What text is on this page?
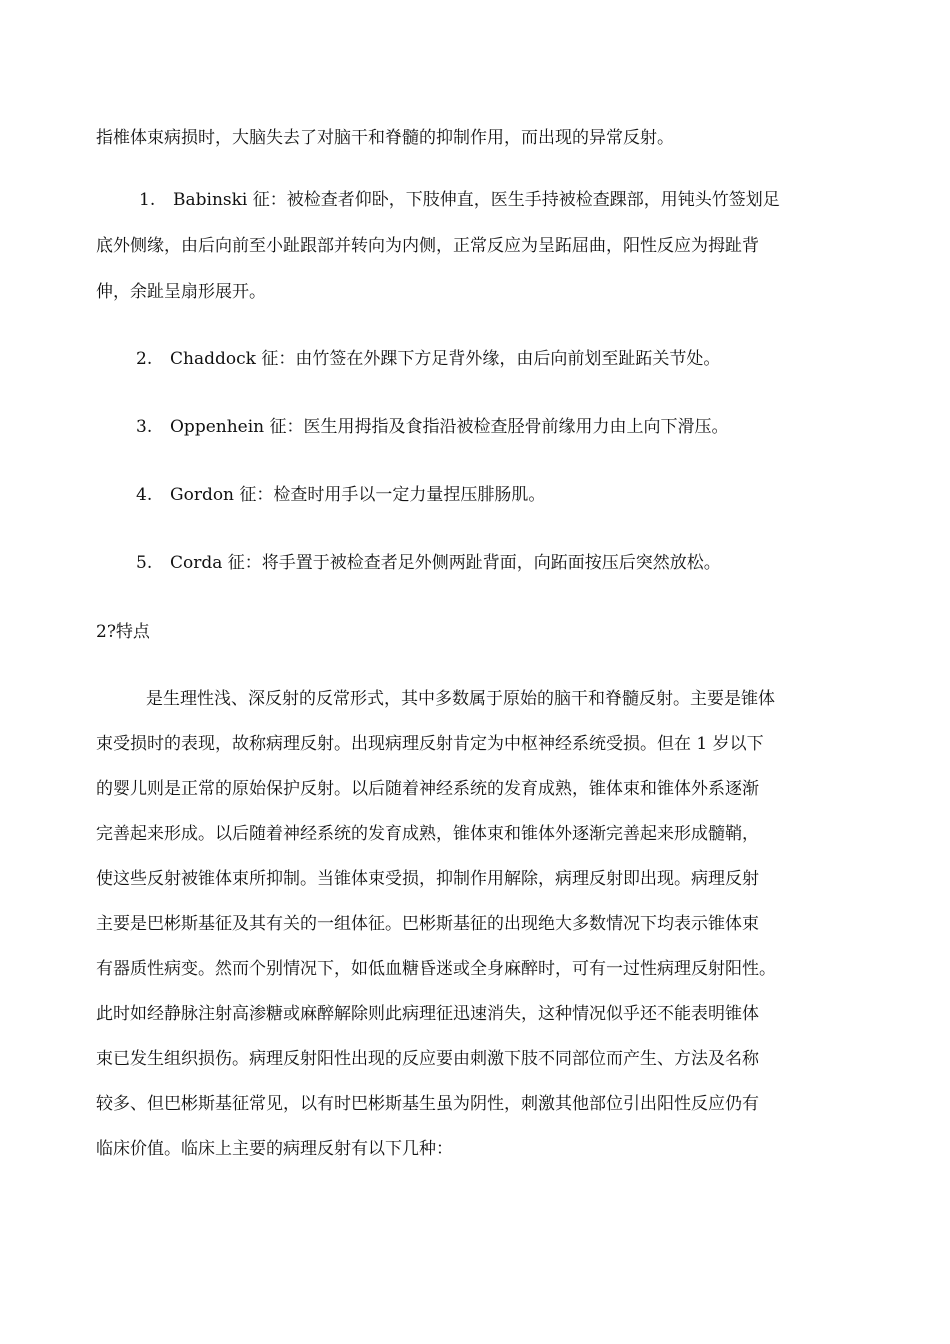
指椎体束病损时，大脑失去了对脑干和脊髓的抑制作用，而出现的异常反射。
1. Babinski 征：被检查者仰卧，下肢伸直，医生手持被检查踝部，用钝头竹签划足
底外侧缘，由后向前至小趾跟部并转向为内侧，正常反应为呈跖屈曲，阳性反应为拇趾背
伸，余趾呈扇形展开。
2. Chaddock 征：由竹签在外踝下方足背外缘，由后向前划至趾跖关节处。
3. Oppenhein 征：医生用拇指及食指沿被检查胫骨前缘用力由上向下滑压。
4. Gordon 征：检查时用手以一定力量捏压腓肠肌。
5. Corda 征：将手置于被检查者足外侧两趾背面，向跖面按压后突然放松。
2?特点
是生理性浅、深反射的反常形式，其中多数属于原始的脑干和脊髓反射。主要是锥体
束受损时的表现，故称病理反射。出现病理反射肯定为中枢神经系统受损。但在 1 岁以下
的婴儿则是正常的原始保护反射。以后随着神经系统的发育成熟，锥体束和锥体外系逐渐
完善起来形成。以后随着神经系统的发育成熟，锥体束和锥体外逐渐完善起来形成髓鞘，
使这些反射被锥体束所抑制。当锥体束受损，抑制作用解除，病理反射即出现。病理反射
主要是巴彬斯基征及其有关的一组体征。巴彬斯基征的出现绝大多数情况下均表示锥体束
有器质性病变。然而个别情况下，如低血糖昏迷或全身麻醉时，可有一过性病理反射阳性。
此时如经静脉注射高渗糖或麻醉解除则此病理征迅速消失，这种情况似乎还不能表明锥体
束已发生组织损伤。病理反射阳性出现的反应要由刺激下肢不同部位而产生、方法及名称
较多、但巴彬斯基征常见，以有时巴彬斯基生虽为阴性，刺激其他部位引出阳性反应仍有
临床价值。临床上主要的病理反射有以下几种：
